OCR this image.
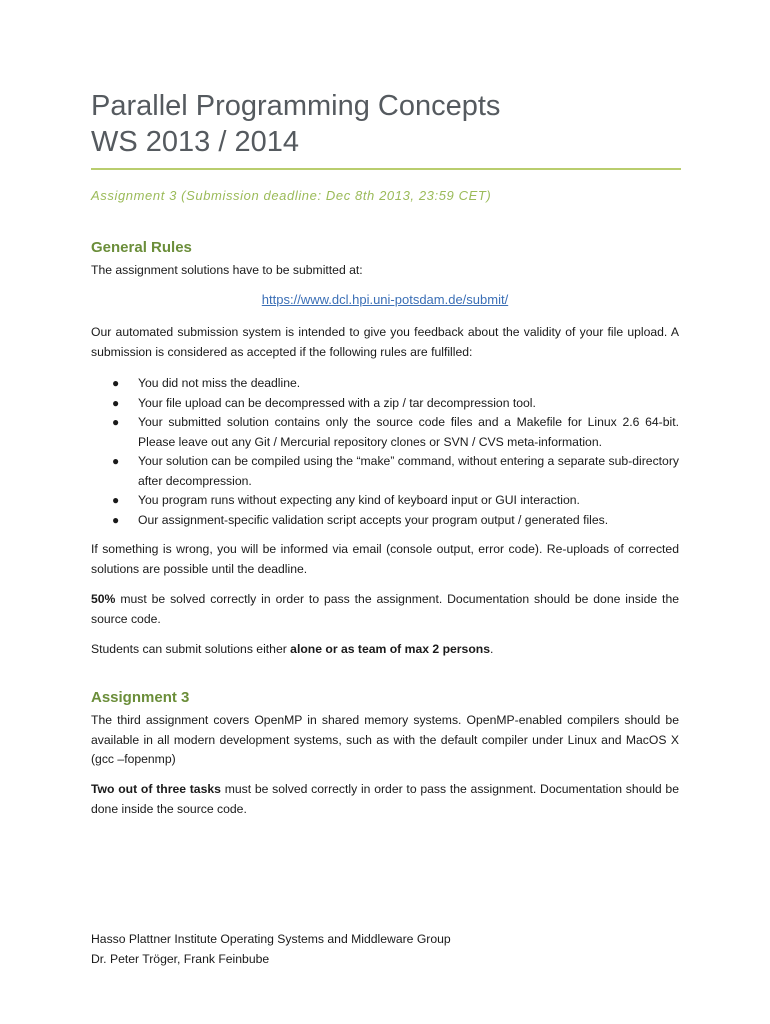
Parallel Programming Concepts
WS 2013 / 2014
Assignment 3 (Submission deadline: Dec 8th 2013, 23:59 CET)
General Rules

The assignment solutions have to be submitted at:

https://www.dcl.hpi.uni-potsdam.de/submit/

Our automated submission system is intended to give you feedback about the validity of your file upload. A submission is considered as accepted if the following rules are fulfilled:

● You did not miss the deadline.
● Your file upload can be decompressed with a zip / tar decompression tool.
● Your submitted solution contains only the source code files and a Makefile for Linux 2.6 64-bit. Please leave out any Git / Mercurial repository clones or SVN / CVS meta-information.
● Your solution can be compiled using the “make” command, without entering a separate sub-directory after decompression.
● You program runs without expecting any kind of keyboard input or GUI interaction.
● Our assignment-specific validation script accepts your program output / generated files.

If something is wrong, you will be informed via email (console output, error code). Re-uploads of corrected solutions are possible until the deadline.

50% must be solved correctly in order to pass the assignment. Documentation should be done inside the source code.

Students can submit solutions either alone or as team of max 2 persons.

Assignment 3

The third assignment covers OpenMP in shared memory systems. OpenMP-enabled compilers should be available in all modern development systems, such as with the default compiler under Linux and MacOS X (gcc –fopenmp)

Two out of three tasks must be solved correctly in order to pass the assignment. Documentation should be done inside the source code.

Hasso Plattner Institute Operating Systems and Middleware Group
Dr. Peter Tröger, Frank Feinbube
